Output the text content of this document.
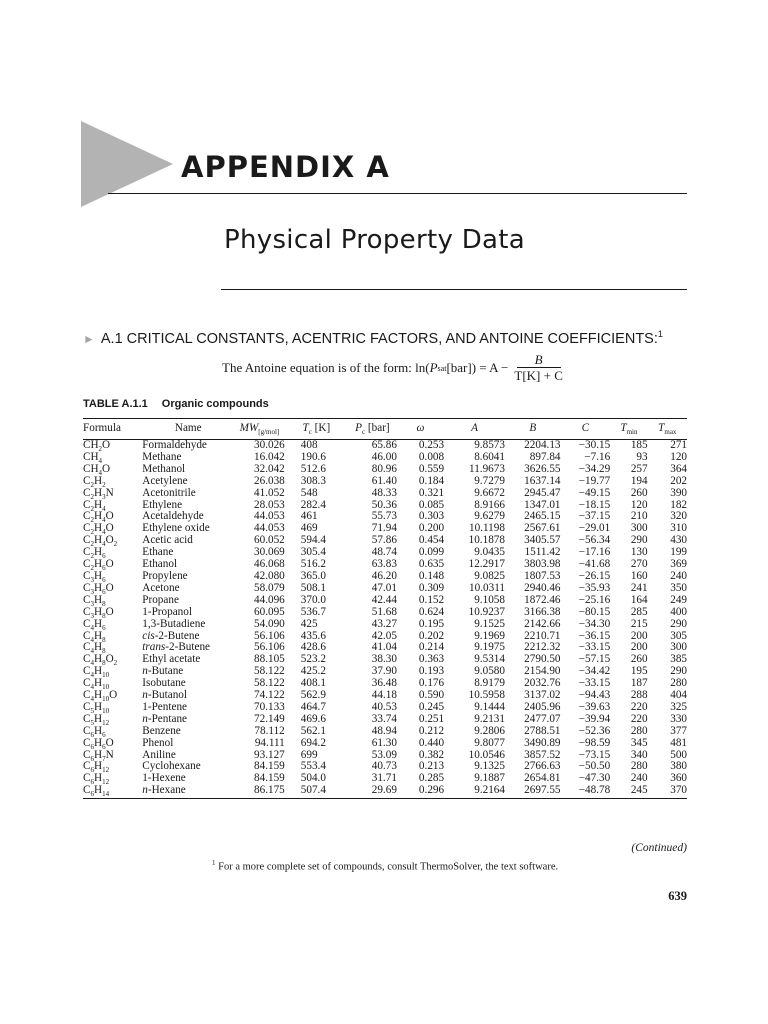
APPENDIX A
Physical Property Data
► A.1 CRITICAL CONSTANTS, ACENTRIC FACTORS, AND ANTOINE COEFFICIENTS:$^1$
The Antoine equation is of the form: ln( P sat $[bar]) = A - \frac{B}{T[K] + C}$
TABLE A.1.1 Organic compounds
Formula	Name	$MW_{[g/mol]}$	$T_c$ [K]	$P_c$ [bar]	ω	A	B	C	$T_{min}$	$T_{max}$
$CH_2O$	Formaldehyde	30.026	408	65.86	0.253	9.8573	2204.13	−30.15	185	271
$CH_4$	Methane	16.042	190.6	46.00	0.008	8.6041	897.84	−7.16	93	120
$CH_4O$	Methanol	32.042	512.6	80.96	0.559	11.9673	3626.55	−34.29	257	364
$C_2H_2$	Acetylene	26.038	308.3	61.40	0.184	9.7279	1637.14	−19.77	194	202
$C_2H_3N$	Acetonitrile	41.052	548	48.33	0.321	9.6672	2945.47	−49.15	260	390
$C_2H_4$	Ethylene	28.053	282.4	50.36	0.085	8.9166	1347.01	−18.15	120	182
$C_2H_4O$	Acetaldehyde	44.053	461	55.73	0.303	9.6279	2465.15	−37.15	210	320
$C_2H_4O$	Ethylene oxide	44.053	469	71.94	0.200	10.1198	2567.61	−29.01	300	310
$C_2H_4O_2$	Acetic acid	60.052	594.4	57.86	0.454	10.1878	3405.57	−56.34	290	430
$C_2H_6$	Ethane	30.069	305.4	48.74	0.099	9.0435	1511.42	−17.16	130	199
$C_2H_6O$	Ethanol	46.068	516.2	63.83	0.635	12.2917	3803.98	−41.68	270	369
$C_3H_6$	Propylene	42.080	365.0	46.20	0.148	9.0825	1807.53	−26.15	160	240
$C_3H_6O$	Acetone	58.079	508.1	47.01	0.309	10.0311	2940.46	−35.93	241	350
$C_3H_8$	Propane	44.096	370.0	42.44	0.152	9.1058	1872.46	−25.16	164	249
$C_3H_8O$	1-Propanol	60.095	536.7	51.68	0.624	10.9237	3166.38	−80.15	285	400
$C_4H_6$	1,3-Butadiene	54.090	425	43.27	0.195	9.1525	2142.66	−34.30	215	290
$C_4H_8$	cis-2-Butene	56.106	435.6	42.05	0.202	9.1969	2210.71	−36.15	200	305
$C_4H_8$	trans-2-Butene	56.106	428.6	41.04	0.214	9.1975	2212.32	−33.15	200	300
$C_4H_8O_2$	Ethyl acetate	88.105	523.2	38.30	0.363	9.5314	2790.50	−57.15	260	385
$C_4H_{10}$	n-Butane	58.122	425.2	37.90	0.193	9.0580	2154.90	−34.42	195	290
$C_4H_{10}$	Isobutane	58.122	408.1	36.48	0.176	8.9179	2032.76	−33.15	187	280
$C_4H_{10}O$	n-Butanol	74.122	562.9	44.18	0.590	10.5958	3137.02	−94.43	288	404
$C_5H_{10}$	1-Pentene	70.133	464.7	40.53	0.245	9.1444	2405.96	−39.63	220	325
$C_5H_{12}$	n-Pentane	72.149	469.6	33.74	0.251	9.2131	2477.07	−39.94	220	330
$C_6H_6$	Benzene	78.112	562.1	48.94	0.212	9.2806	2788.51	−52.36	280	377
$C_6H_6O$	Phenol	94.111	694.2	61.30	0.440	9.8077	3490.89	−98.59	345	481
$C_6H_7N$	Aniline	93.127	699	53.09	0.382	10.0546	3857.52	−73.15	340	500
$C_6H_{12}$	Cyclohexane	84.159	553.4	40.73	0.213	9.1325	2766.63	−50.50	280	380
$C_6H_{12}$	1-Hexene	84.159	504.0	31.71	0.285	9.1887	2654.81	−47.30	240	360
$C_6H_{14}$	n-Hexane	86.175	507.4	29.69	0.296	9.2164	2697.55	−48.78	245	370
(Continued)
$^1$ For a more complete set of compounds, consult ThermoSolver, the text software.
639
